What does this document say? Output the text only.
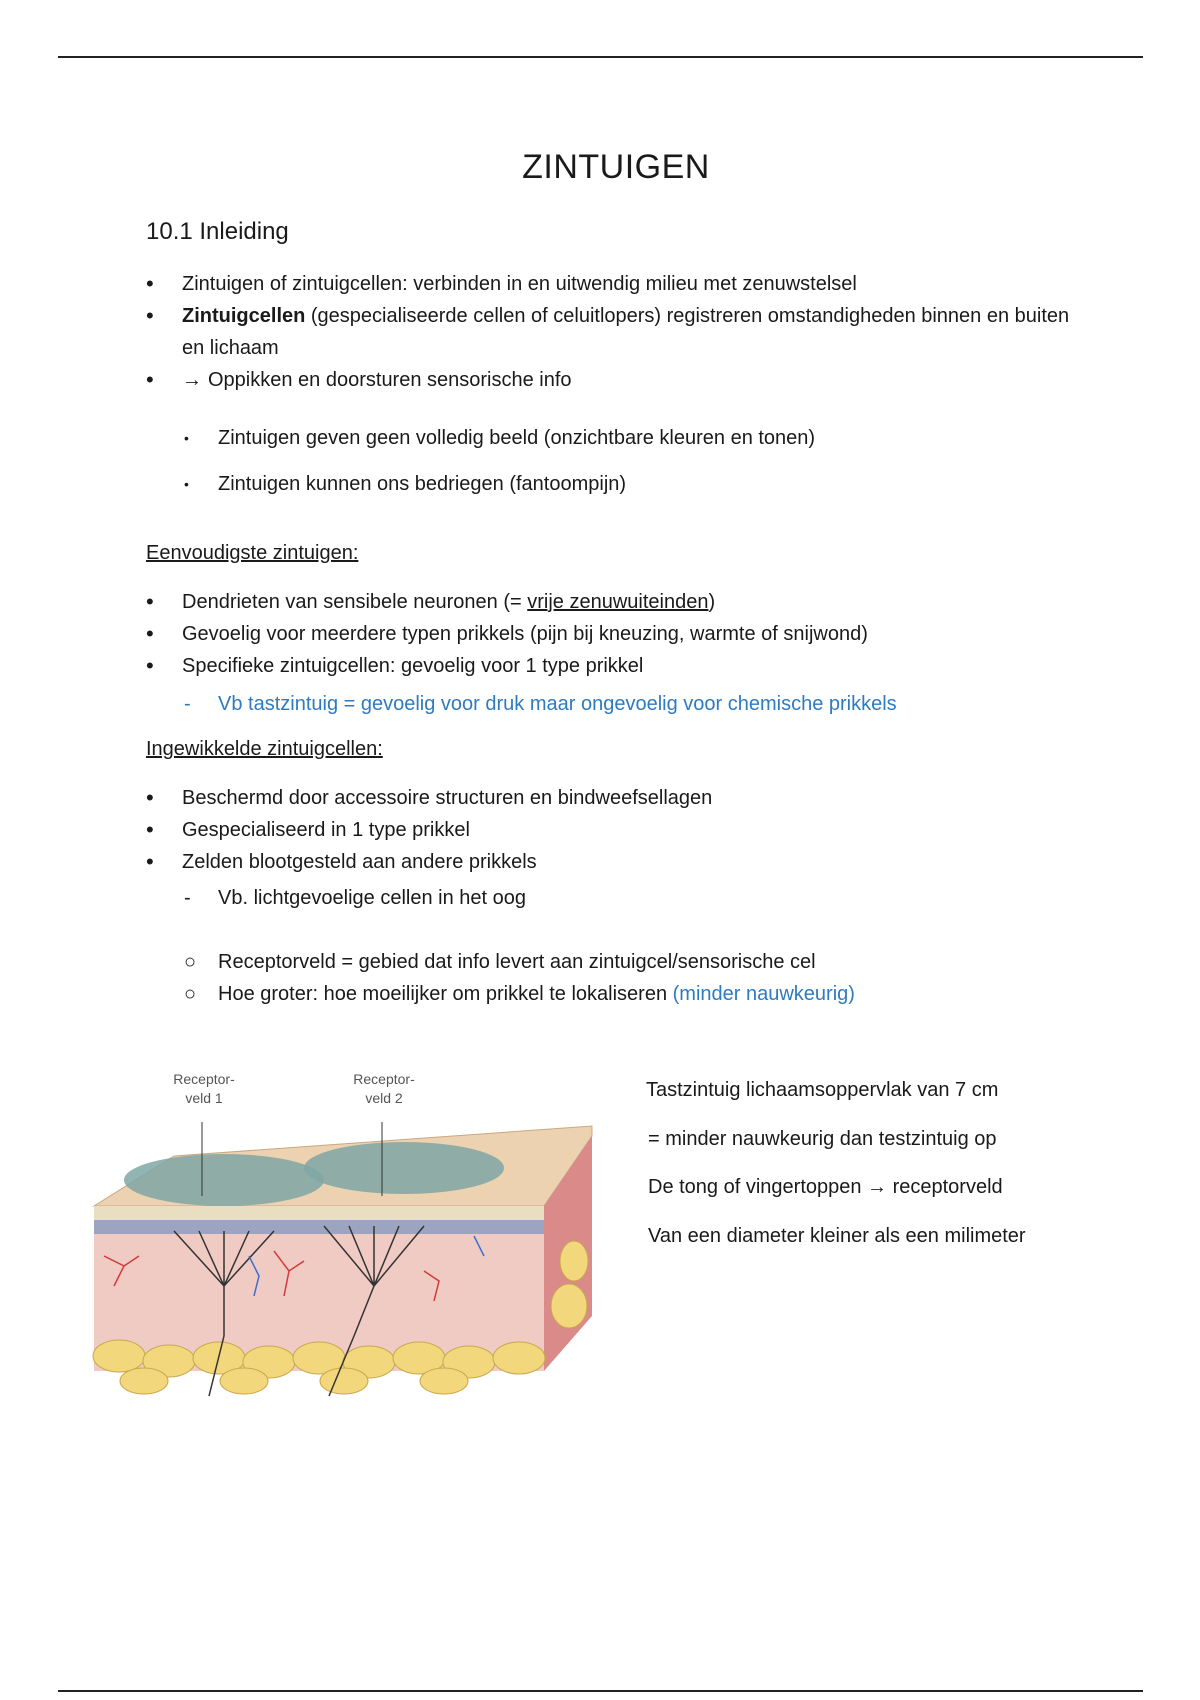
ZINTUIGEN
10.1 Inleiding
• Zintuigen of zintuigcellen: verbinden in en uitwendig milieu met zenuwstelsel
• Zintuigcellen (gespecialiseerde cellen of celuitlopers) registreren omstandigheden binnen en buiten en lichaam
• → Oppikken en doorsturen sensorische info
• Zintuigen geven geen volledig beeld (onzichtbare kleuren en tonen)
• Zintuigen kunnen ons bedriegen (fantoompijn)
Eenvoudigste zintuigen:
• Dendrieten van sensibele neuronen (= vrije zenuwuiteinden)
• Gevoelig voor meerdere typen prikkels (pijn bij kneuzing, warmte of snijwond)
• Specifieke zintuigcellen: gevoelig voor 1 type prikkel
- Vb tastzintuig = gevoelig voor druk maar ongevoelig voor chemische prikkels
Ingewikkelde zintuigcellen:
• Beschermd door accessoire structuren en bindweefsellagen
• Gespecialiseerd in 1 type prikkel
• Zelden blootgesteld aan andere prikkels
- Vb. lichtgevoelige cellen in het oog
○ Receptorveld = gebied dat info levert aan zintuigcel/sensorische cel
○ Hoe groter: hoe moeilijker om prikkel te lokaliseren (minder nauwkeurig)
Receptor-
veld 1
Receptor-
veld 2	Tastzintuig lichaamsoppervlak van 7 cm
= minder nauwkeurig dan testzintuig op
De tong of vingertoppen → receptorveld
Van een diameter kleiner als een milimeter
